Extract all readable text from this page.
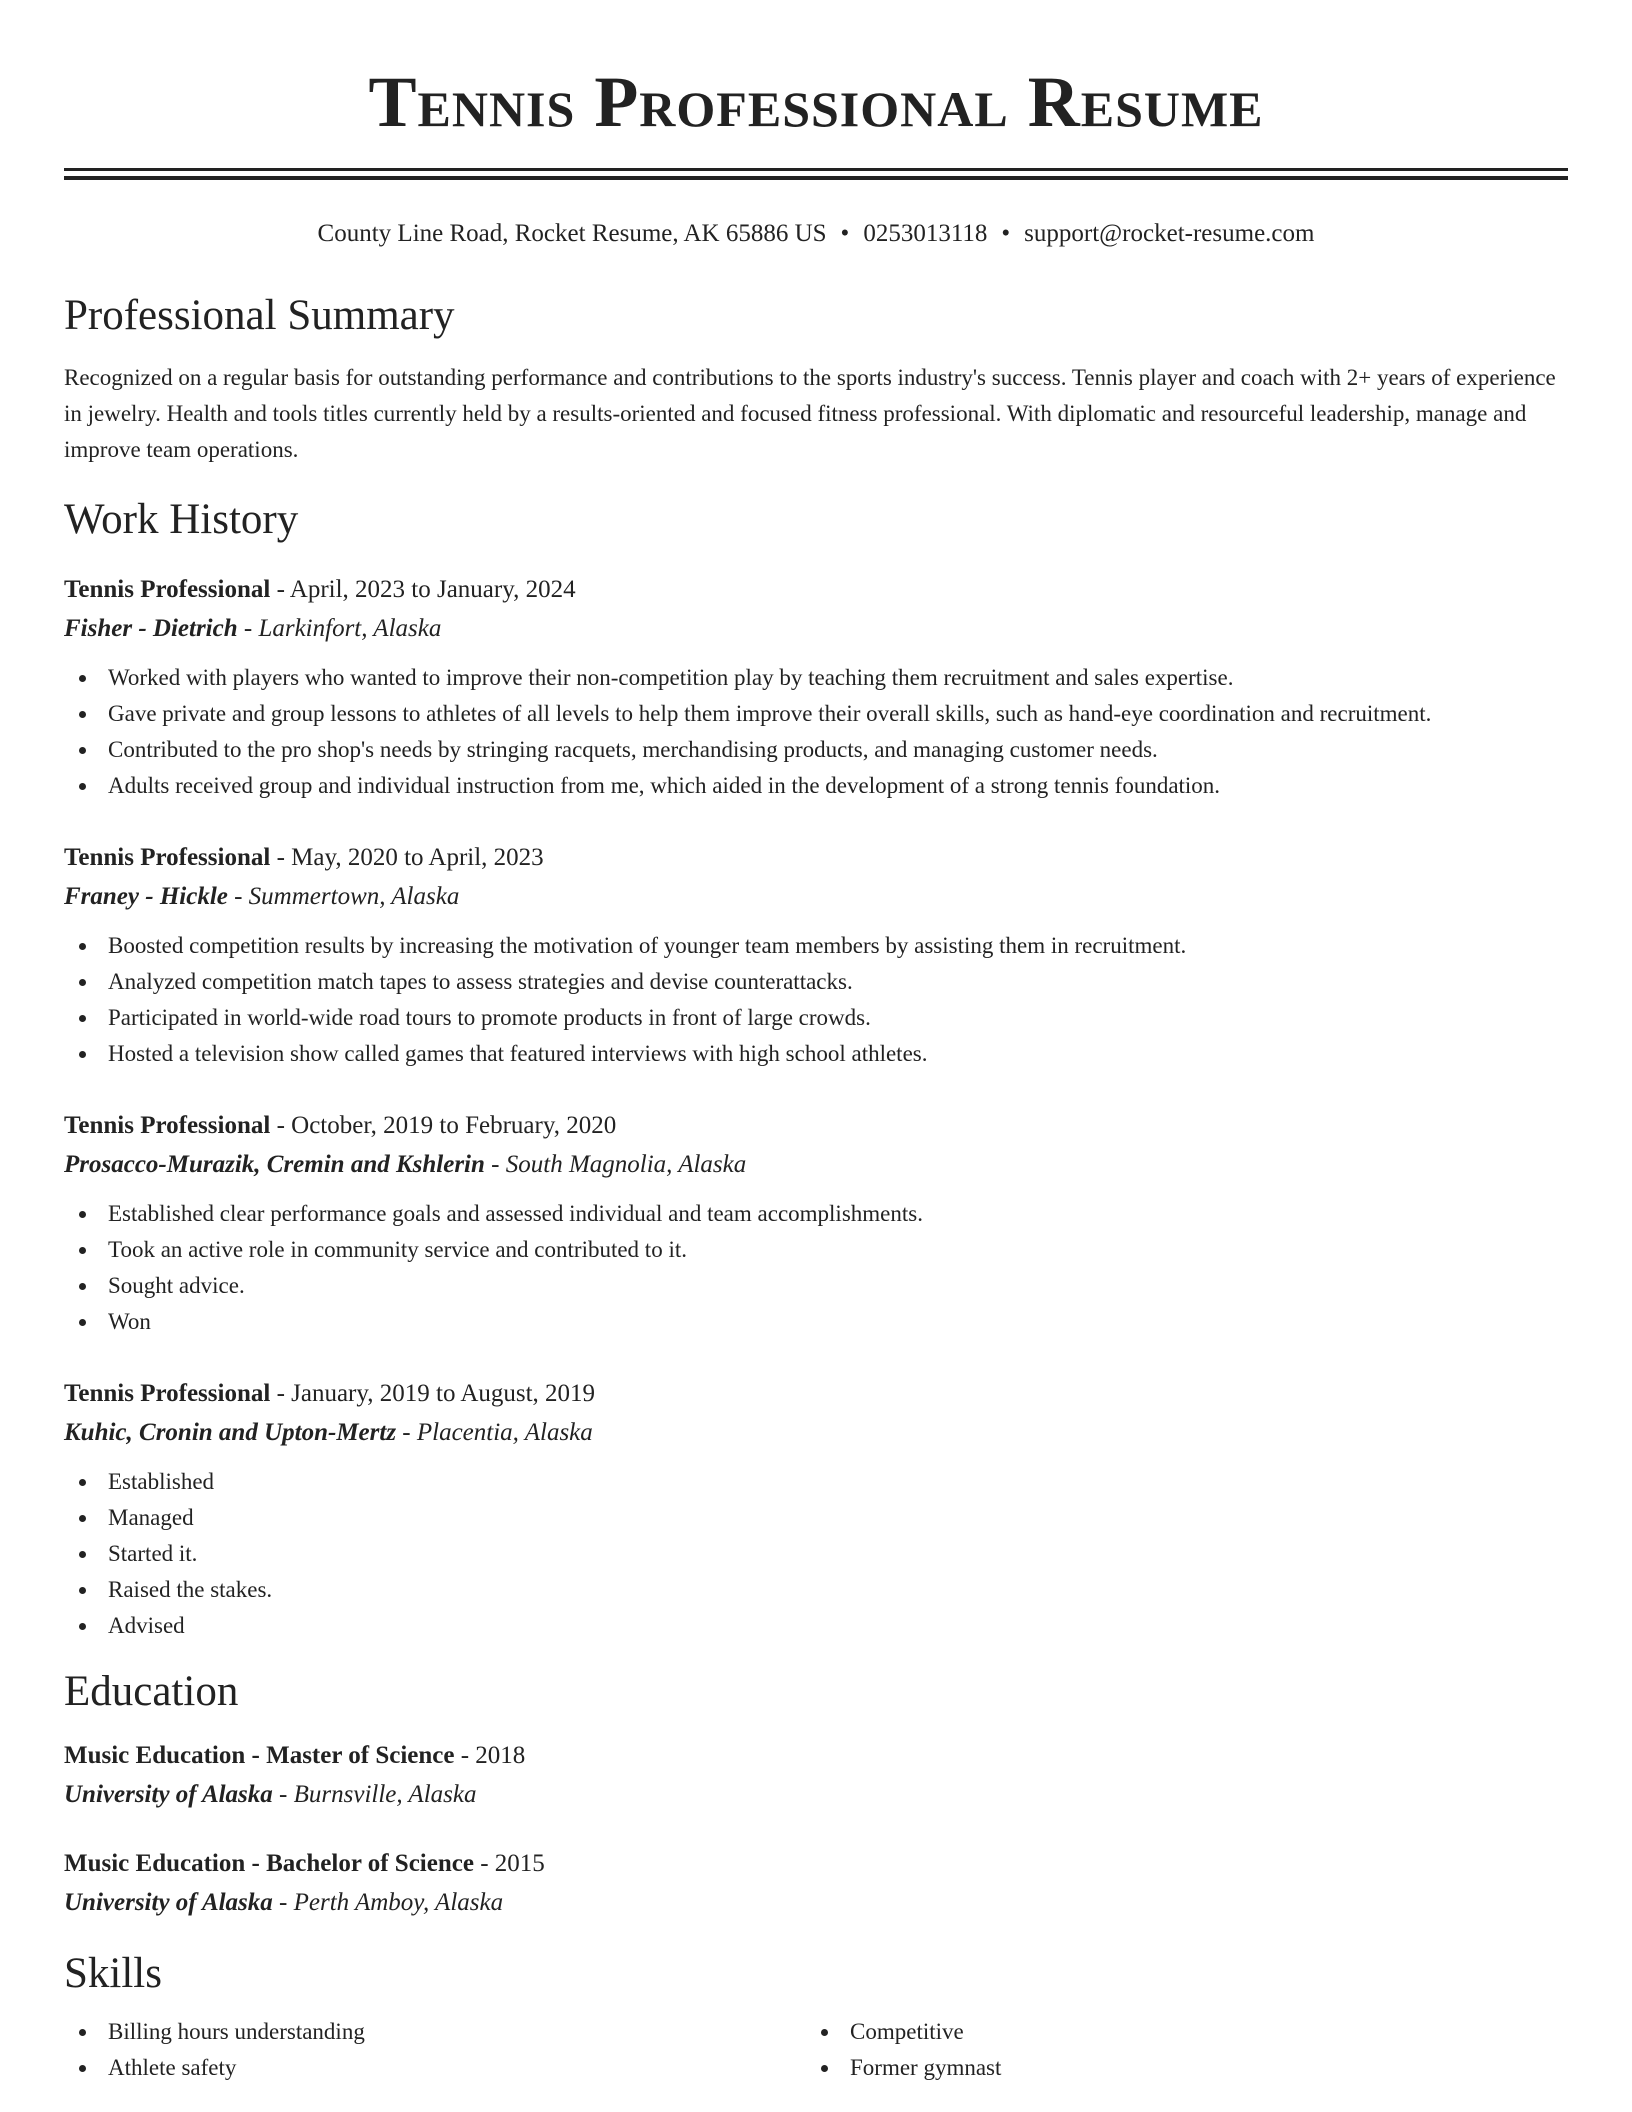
Tennis Professional Resume
County Line Road, Rocket Resume, AK 65886 US • 0253013118 • support@rocket-resume.com
Professional Summary

Recognized on a regular basis for outstanding performance and contributions to the sports industry's success. Tennis player and coach with 2+ years of experience in jewelry. Health and tools titles currently held by a results-oriented and focused fitness professional. With diplomatic and resourceful leadership, manage and improve team operations.

Work History
Tennis Professional - April, 2023 to January, 2024
Fisher - Dietrich - Larkinfort, Alaska
Worked with players who wanted to improve their non-competition play by teaching them recruitment and sales expertise.
Gave private and group lessons to athletes of all levels to help them improve their overall skills, such as hand-eye coordination and recruitment.
Contributed to the pro shop's needs by stringing racquets, merchandising products, and managing customer needs.
Adults received group and individual instruction from me, which aided in the development of a strong tennis foundation.
Tennis Professional - May, 2020 to April, 2023
Franey - Hickle - Summertown, Alaska
Boosted competition results by increasing the motivation of younger team members by assisting them in recruitment.
Analyzed competition match tapes to assess strategies and devise counterattacks.
Participated in world-wide road tours to promote products in front of large crowds.
Hosted a television show called games that featured interviews with high school athletes.
Tennis Professional - October, 2019 to February, 2020
Prosacco-Murazik, Cremin and Kshlerin - South Magnolia, Alaska
Established clear performance goals and assessed individual and team accomplishments.
Took an active role in community service and contributed to it.
Sought advice.
Won
Tennis Professional - January, 2019 to August, 2019
Kuhic, Cronin and Upton-Mertz - Placentia, Alaska
Established
Managed
Started it.
Raised the stakes.
Advised
Education
Music Education - Master of Science - 2018
University of Alaska - Burnsville, Alaska
Music Education - Bachelor of Science - 2015
University of Alaska - Perth Amboy, Alaska
Skills
Billing hours understanding
Athlete safety
Competitive
Former gymnast
